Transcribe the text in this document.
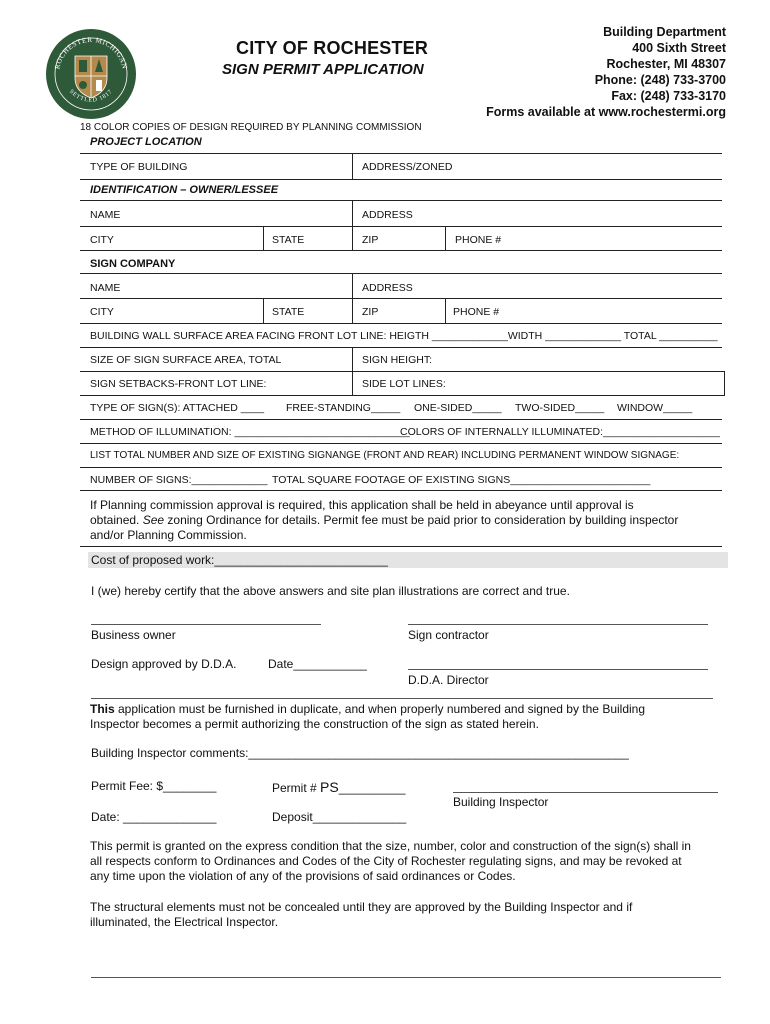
ROCHESTER MICHIGAN
SETTLED 1817
CITY OF ROCHESTER
SIGN PERMIT APPLICATION
Building Department
400 Sixth Street
Rochester, MI 48307
Phone: (248) 733-3700
Fax: (248) 733-3170
Forms available at www.rochestermi.org
18 COLOR COPIES OF DESIGN REQUIRED BY PLANNING COMMISSION
PROJECT LOCATION
TYPE OF BUILDING	ADDRESS/ZONED
IDENTIFICATION – OWNER/LESSEE
NAME	ADDRESS
CITY	STATE	ZIP	PHONE #
SIGN COMPANY
NAME	ADDRESS
CITY	STATE	ZIP	PHONE #
BUILDING WALL SURFACE AREA FACING FRONT LOT LINE: HEIGTH _____________WIDTH _____________ TOTAL __________
SIZE OF SIGN SURFACE AREA, TOTAL	SIGN HEIGHT:
SIGN SETBACKS-FRONT LOT LINE:	SIDE LOT LINES:
TYPE OF SIGN(S): ATTACHED ____ FREE-STANDING_____ ONE-SIDED_____ TWO-SIDED_____ WINDOW_____
METHOD OF ILLUMINATION: ______________________________
COLORS OF INTERNALLY ILLUMINATED:____________________
LIST TOTAL NUMBER AND SIZE OF EXISTING SIGNANGE (FRONT AND REAR) INCLUDING PERMANENT WINDOW SIGNAGE:
NUMBER OF SIGNS:_____________ TOTAL SQUARE FOOTAGE OF EXISTING SIGNS________________________
If Planning commission approval is required, this application shall be held in abeyance until approval is
obtained. See zoning Ordinance for details. Permit fee must be paid prior to consideration by building inspector
and/or Planning Commission.
Cost of proposed work:__________________________
I (we) hereby certify that the above answers and site plan illustrations are correct and true.
Business owner	Sign contractor
Design approved by D.D.A.	Date___________
D.D.A. Director
This application must be furnished in duplicate, and when properly numbered and signed by the Building
Inspector becomes a permit authorizing the construction of the sign as stated herein.
Building Inspector comments:_________________________________________________________
Permit Fee: $________	Permit # PS__________
Building Inspector
Date: ______________	Deposit______________
This permit is granted on the express condition that the size, number, color and construction of the sign(s) shall in
all respects conform to Ordinances and Codes of the City of Rochester regulating signs, and may be revoked at
any time upon the violation of any of the provisions of said ordinances or Codes.
The structural elements must not be concealed until they are approved by the Building Inspector and if
illuminated, the Electrical Inspector.
